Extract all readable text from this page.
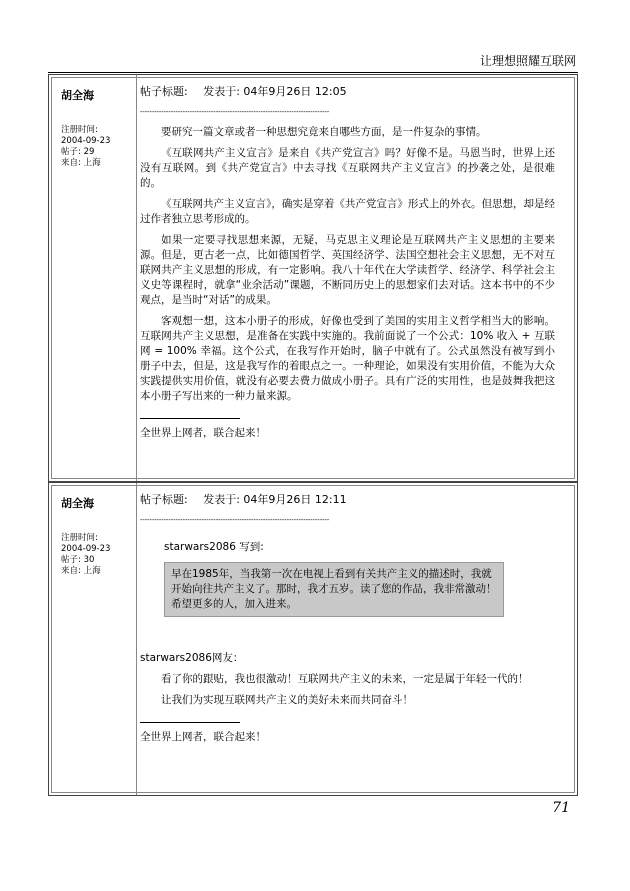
让理想照耀互联网
胡全海
注册时间:
2004-09-23
帖子: 29
来自: 上海
帖子标题: 发表于: 04年9月26日 12:05
--------------------------------------------------------------------------------

要研究一篇文章或者一种思想究竟来自哪些方面，是一件复杂的事情。

《互联网共产主义宣言》是来自《共产党宣言》吗？好像不是。马恩当时，世界上还没有互联网。到《共产党宣言》中去寻找《互联网共产主义宣言》的抄袭之处，是很难的。

《互联网共产主义宣言》，确实是穿着《共产党宣言》形式上的外衣。但思想，却是经过作者独立思考形成的。

如果一定要寻找思想来源，无疑，马克思主义理论是互联网共产主义思想的主要来源。但是，更古老一点，比如德国哲学、英国经济学、法国空想社会主义思想，无不对互联网共产主义思想的形成，有一定影响。我八十年代在大学读哲学、经济学、科学社会主义史等课程时，就拿“业余活动”课题，不断同历史上的思想家们去对话。这本书中的不少观点，是当时“对话”的成果。

客观想一想，这本小册子的形成，好像也受到了美国的实用主义哲学相当大的影响。互联网共产主义思想，是准备在实践中实施的。我前面说了一个公式：10% 收入 + 互联网 = 100% 幸福。这个公式，在我写作开始时，脑子中就有了。公式虽然没有被写到小册子中去，但是，这是我写作的着眼点之一。一种理论，如果没有实用价值，不能为大众实践提供实用价值，就没有必要去费力做成小册子。具有广泛的实用性，也是鼓舞我把这本小册子写出来的一种力量来源。

全世界上网者，联合起来！
胡全海
注册时间:
2004-09-23
帖子: 30
来自: 上海
帖子标题: 发表于: 04年9月26日 12:11
--------------------------------------------------------------------------------
starwars2086 写到:
早在1985年，当我第一次在电视上看到有关共产主义的描述时，我就开始向往共产主义了。那时，我才五岁。读了您的作品，我非常激动！希望更多的人，加入进来。

starwars2086网友：

看了你的跟贴，我也很激动！互联网共产主义的未来，一定是属于年轻一代的！

让我们为实现互联网共产主义的美好未来而共同奋斗！

全世界上网者，联合起来！
71
